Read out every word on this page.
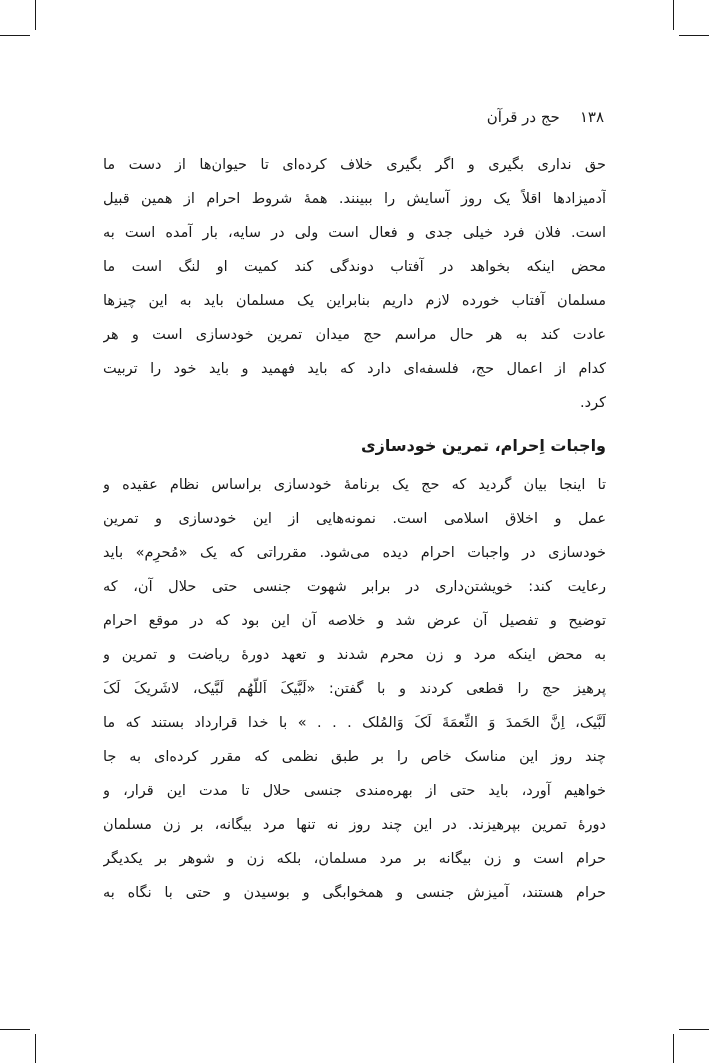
۱۳۸
حج در قرآن
حق نداری بگیری و اگر بگیری خلاف کرده‌ای تا حیوان‌ها از دست ما
آدمیزادها اقلاً یک روز آسایش را ببینند. همهٔ شروط احرام از همین قبیل
است. فلان فرد خیلی جدی و فعال است ولی در سایه، بار آمده است به
محض اینکه بخواهد در آفتاب دوندگی کند کمیت او لنگ است ما
مسلمان آفتاب خورده لازم داریم بنابراین یک مسلمان باید به این چیزها
عادت کند به هر حال مراسم حج میدان تمرین خودسازی است و هر
کدام از اعمال حج، فلسفه‌ای دارد که باید فهمید و باید خود را تربیت
کرد.
واجبات اِحرام، تمرین خودسازی
تا اینجا بیان گردید که حج یک برنامهٔ خودسازی براساس نظام عقیده و
عمل و اخلاق اسلامی است. نمونه‌هایی از این خودسازی و تمرین
خودسازی در واجبات احرام دیده می‌شود. مقرراتی که یک «مُحرِم» باید
رعایت کند: خویشتن‌داری در برابر شهوت جنسی حتی حلال آن، که
توضیح و تفصیل آن عرض شد و خلاصه آن این بود که در موقع احرام
به محض اینکه مرد و زن محرم شدند و تعهد دورهٔ ریاضت و تمرین و
پرهیز حج را قطعی کردند و با گفتن: «لَبَّیکَ اَللّهُم لَبَّیک، لاشَریکَ لَکَ
لَبَّیک، اِنَّ الحَمدَ وَ النِّعمَةَ لَکَ وَالمُلک . . . » با خدا قرارداد بستند که ما
چند روز این مناسک خاص را بر طبق نظمی که مقرر کرده‌ای به جا
خواهیم آورد، باید حتی از بهره‌مندی جنسی حلال تا مدت این قرار، و
دورهٔ تمرین بپرهیزند. در این چند روز نه تنها مرد بیگانه، بر زن مسلمان
حرام است و زن بیگانه بر مرد مسلمان، بلکه زن و شوهر بر یکدیگر
حرام هستند، آمیزش جنسی و همخوابگی و بوسیدن و حتی با نگاه به
